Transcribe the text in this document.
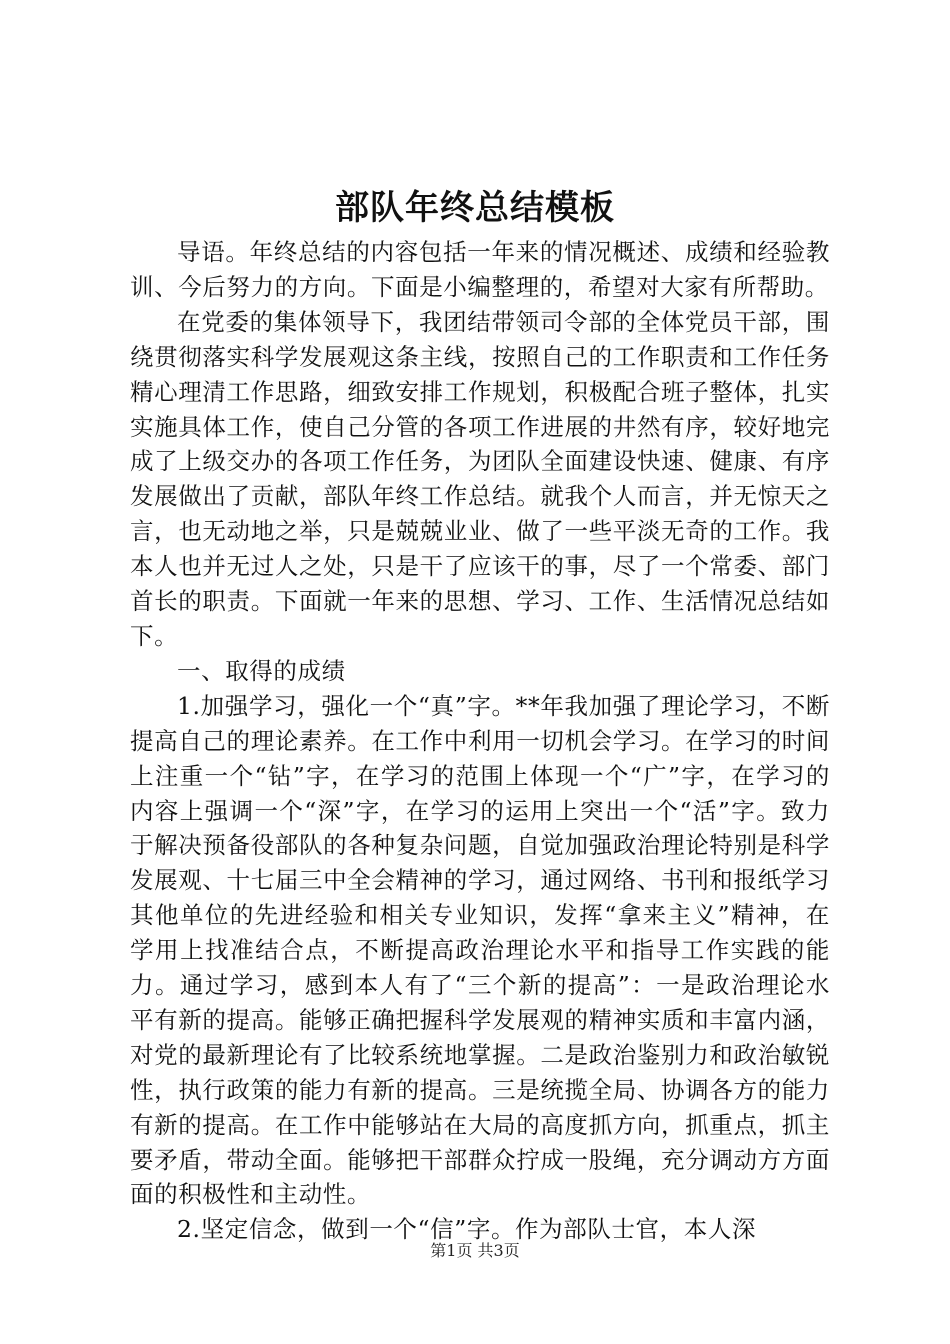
部队年终总结模板

导语。年终总结的内容包括一年来的情况概述、成绩和经验教训、今后努力的方向。下面是小编整理的，希望对大家有所帮助。

在党委的集体领导下，我团结带领司令部的全体党员干部，围绕贯彻落实科学发展观这条主线，按照自己的工作职责和工作任务精心理清工作思路，细致安排工作规划，积极配合班子整体，扎实实施具体工作，使自己分管的各项工作进展的井然有序，较好地完成了上级交办的各项工作任务，为团队全面建设快速、健康、有序发展做出了贡献，部队年终工作总结。就我个人而言，并无惊天之言，也无动地之举，只是兢兢业业、做了一些平淡无奇的工作。我本人也并无过人之处，只是干了应该干的事，尽了一个常委、部门首长的职责。下面就一年来的思想、学习、工作、生活情况总结如下。

一、取得的成绩

1.加强学习，强化一个“真”字。**年我加强了理论学习，不断提高自己的理论素养。在工作中利用一切机会学习。在学习的时间上注重一个“钻”字，在学习的范围上体现一个“广”字，在学习的内容上强调一个“深”字，在学习的运用上突出一个“活”字。致力于解决预备役部队的各种复杂问题，自觉加强政治理论特别是科学发展观、十七届三中全会精神的学习，通过网络、书刊和报纸学习其他单位的先进经验和相关专业知识，发挥“拿来主义”精神，在学用上找准结合点，不断提高政治理论水平和指导工作实践的能力。通过学习，感到本人有了“三个新的提高”：一是政治理论水平有新的提高。能够正确把握科学发展观的精神实质和丰富内涵，对党的最新理论有了比较系统地掌握。二是政治鉴别力和政治敏锐性，执行政策的能力有新的提高。三是统揽全局、协调各方的能力有新的提高。在工作中能够站在大局的高度抓方向，抓重点，抓主要矛盾，带动全面。能够把干部群众拧成一股绳，充分调动方方面面的积极性和主动性。

2.坚定信念，做到一个“信”字。作为部队士官，本人深

第1页 共3页
